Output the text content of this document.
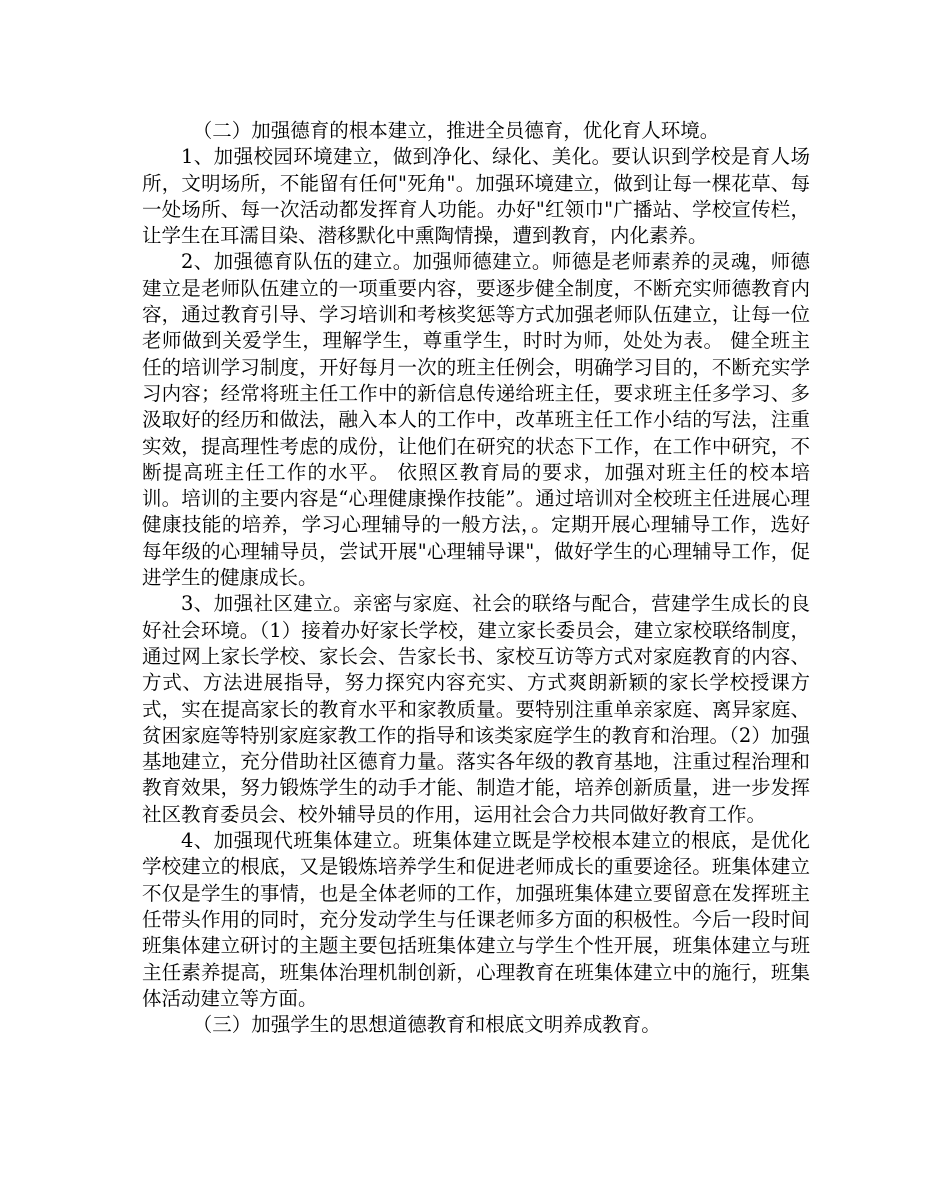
（二）加强德育的根本建立，推进全员德育，优化育人环境。

1、加强校园环境建立，做到净化、绿化、美化。要认识到学校是育人场所，文明场所，不能留有任何"死角"。加强环境建立，做到让每一棵花草、每一处场所、每一次活动都发挥育人功能。办好"红领巾"广播站、学校宣传栏，让学生在耳濡目染、潜移默化中熏陶情操，遭到教育，内化素养。

2、加强德育队伍的建立。加强师德建立。师德是老师素养的灵魂，师德建立是老师队伍建立的一项重要内容，要逐步健全制度，不断充实师德教育内容，通过教育引导、学习培训和考核奖惩等方式加强老师队伍建立，让每一位老师做到关爱学生，理解学生，尊重学生，时时为师，处处为表。 健全班主任的培训学习制度，开好每月一次的班主任例会，明确学习目的，不断充实学习内容；经常将班主任工作中的新信息传递给班主任，要求班主任多学习、多汲取好的经历和做法，融入本人的工作中，改革班主任工作小结的写法，注重实效，提高理性考虑的成份，让他们在研究的状态下工作，在工作中研究，不断提高班主任工作的水平。 依照区教育局的要求，加强对班主任的校本培训。培训的主要内容是“心理健康操作技能”。通过培训对全校班主任进展心理健康技能的培养，学习心理辅导的一般方法，。定期开展心理辅导工作，选好每年级的心理辅导员，尝试开展"心理辅导课"，做好学生的心理辅导工作，促进学生的健康成长。

3、加强社区建立。亲密与家庭、社会的联络与配合，营建学生成长的良好社会环境。（1）接着办好家长学校，建立家长委员会，建立家校联络制度，通过网上家长学校、家长会、告家长书、家校互访等方式对家庭教育的内容、方式、方法进展指导，努力探究内容充实、方式爽朗新颖的家长学校授课方式，实在提高家长的教育水平和家教质量。要特别注重单亲家庭、离异家庭、贫困家庭等特别家庭家教工作的指导和该类家庭学生的教育和治理。（2）加强基地建立，充分借助社区德育力量。落实各年级的教育基地，注重过程治理和教育效果，努力锻炼学生的动手才能、制造才能，培养创新质量，进一步发挥社区教育委员会、校外辅导员的作用，运用社会合力共同做好教育工作。

4、加强现代班集体建立。班集体建立既是学校根本建立的根底，是优化学校建立的根底，又是锻炼培养学生和促进老师成长的重要途径。班集体建立不仅是学生的事情，也是全体老师的工作，加强班集体建立要留意在发挥班主任带头作用的同时，充分发动学生与任课老师多方面的积极性。今后一段时间班集体建立研讨的主题主要包括班集体建立与学生个性开展，班集体建立与班主任素养提高，班集体治理机制创新，心理教育在班集体建立中的施行，班集体活动建立等方面。

（三）加强学生的思想道德教育和根底文明养成教育。
